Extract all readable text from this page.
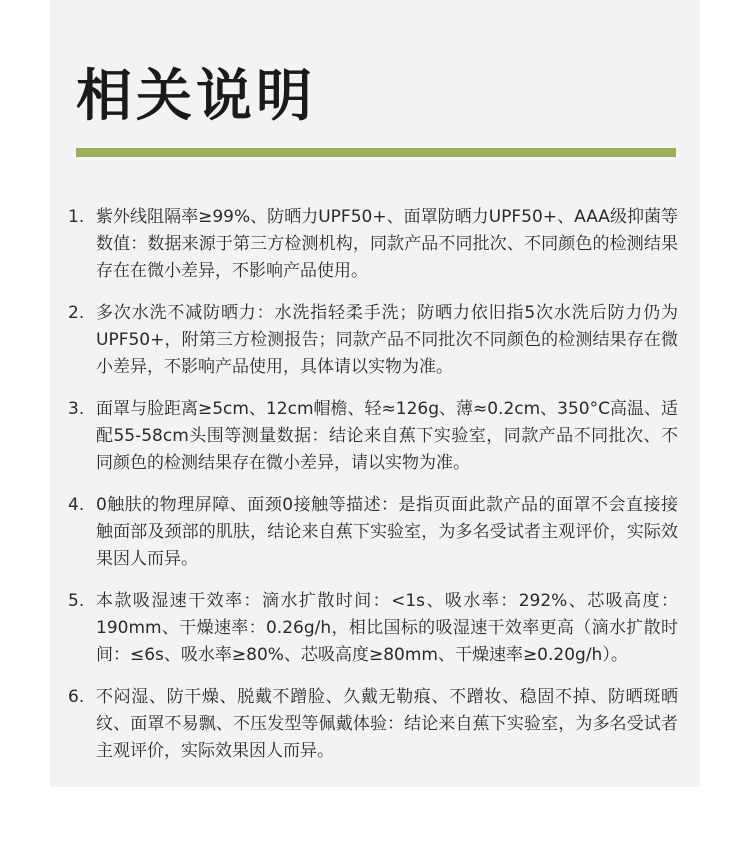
相关说明
1. 紫外线阻隔率≥99%、防晒力UPF50+、面罩防晒力UPF50+、AAA级抑菌等数值：数据来源于第三方检测机构，同款产品不同批次、不同颜色的检测结果存在在微小差异，不影响产品使用。
2. 多次水洗不减防晒力：水洗指轻柔手洗；防晒力依旧指5次水洗后防力仍为UPF50+，附第三方检测报告；同款产品不同批次不同颜色的检测结果存在微小差异，不影响产品使用，具体请以实物为准。
3. 面罩与脸距离≥5cm、12cm帽檐、轻≈126g、薄≈0.2cm、350°C高温、适配55-58cm头围等测量数据：结论来自蕉下实验室，同款产品不同批次、不同颜色的检测结果存在微小差异，请以实物为准。
4. 0触肤的物理屏障、面颈0接触等描述：是指页面此款产品的面罩不会直接接触面部及颈部的肌肤，结论来自蕉下实验室，为多名受试者主观评价，实际效果因人而异。
5. 本款吸湿速干效率：滴水扩散时间：<1s、吸水率：292%、芯吸高度：190mm、干燥速率：0.26g/h，相比国标的吸湿速干效率更高（滴水扩散时间：≤6s、吸水率≥80%、芯吸高度≥80mm、干燥速率≥0.20g/h）。
6. 不闷湿、防干燥、脱戴不蹭脸、久戴无勒痕、不蹭妆、稳固不掉、防晒斑晒纹、面罩不易飘、不压发型等佩戴体验：结论来自蕉下实验室，为多名受试者主观评价，实际效果因人而异。
